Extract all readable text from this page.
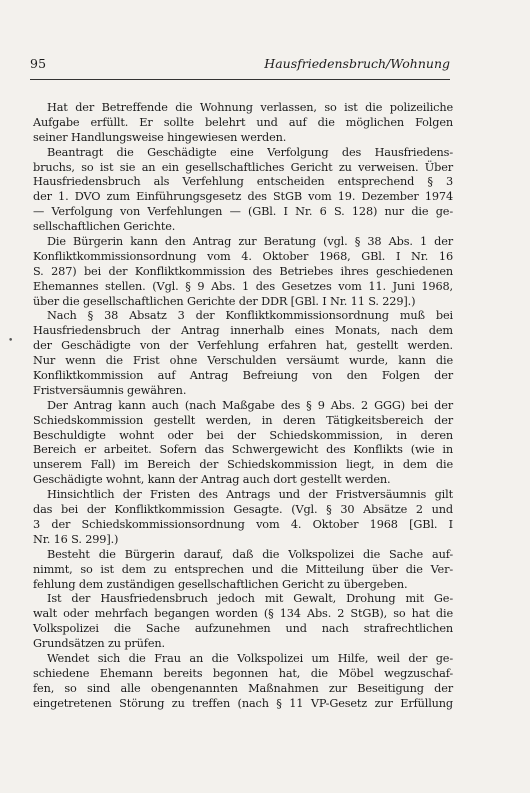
95	Hausfriedensbruch/Wohnung
•
Hat der Betreffende die Wohnung verlassen, so ist die polizeiliche
Aufgabe erfüllt. Er sollte belehrt und auf die möglichen Folgen
seiner Handlungsweise hingewiesen werden.
Beantragt die Geschädigte eine Verfolgung des Hausfriedens-
bruchs, so ist sie an ein gesellschaftliches Gericht zu verweisen. Über
Hausfriedensbruch als Verfehlung entscheiden entsprechend § 3
der 1. DVO zum Einführungsgesetz des StGB vom 19. Dezember 1974
— Verfolgung von Verfehlungen — (GBl. I Nr. 6 S. 128) nur die ge-
sellschaftlichen Gerichte.
Die Bürgerin kann den Antrag zur Beratung (vgl. § 38 Abs. 1 der
Konfliktkommissionsordnung vom 4. Oktober 1968, GBl. I Nr. 16
S. 287) bei der Konfliktkommission des Betriebes ihres geschiedenen
Ehemannes stellen. (Vgl. § 9 Abs. 1 des Gesetzes vom 11. Juni 1968,
über die gesellschaftlichen Gerichte der DDR [GBl. I Nr. 11 S. 229].)
Nach § 38 Absatz 3 der Konfliktkommissionsordnung muß bei
Hausfriedensbruch der Antrag innerhalb eines Monats, nach dem
der Geschädigte von der Verfehlung erfahren hat, gestellt werden.
Nur wenn die Frist ohne Verschulden versäumt wurde, kann die
Konfliktkommission auf Antrag Befreiung von den Folgen der
Fristversäumnis gewähren.
Der Antrag kann auch (nach Maßgabe des § 9 Abs. 2 GGG) bei der
Schiedskommission gestellt werden, in deren Tätigkeitsbereich der
Beschuldigte wohnt oder bei der Schiedskommission, in deren
Bereich er arbeitet. Sofern das Schwergewicht des Konflikts (wie in
unserem Fall) im Bereich der Schiedskommission liegt, in dem die
Geschädigte wohnt, kann der Antrag auch dort gestellt werden.
Hinsichtlich der Fristen des Antrags und der Fristversäumnis gilt
das bei der Konfliktkommission Gesagte. (Vgl. § 30 Absätze 2 und
3 der Schiedskommissionsordnung vom 4. Oktober 1968 [GBl. I
Nr. 16 S. 299].)
Besteht die Bürgerin darauf, daß die Volkspolizei die Sache auf-
nimmt, so ist dem zu entsprechen und die Mitteilung über die Ver-
fehlung dem zuständigen gesellschaftlichen Gericht zu übergeben.
Ist der Hausfriedensbruch jedoch mit Gewalt, Drohung mit Ge-
walt oder mehrfach begangen worden (§ 134 Abs. 2 StGB), so hat die
Volkspolizei die Sache aufzunehmen und nach strafrechtlichen
Grundsätzen zu prüfen.
Wendet sich die Frau an die Volkspolizei um Hilfe, weil der ge-
schiedene Ehemann bereits begonnen hat, die Möbel wegzuschaf-
fen, so sind alle obengenannten Maßnahmen zur Beseitigung der
eingetretenen Störung zu treffen (nach § 11 VP-Gesetz zur Erfüllung
